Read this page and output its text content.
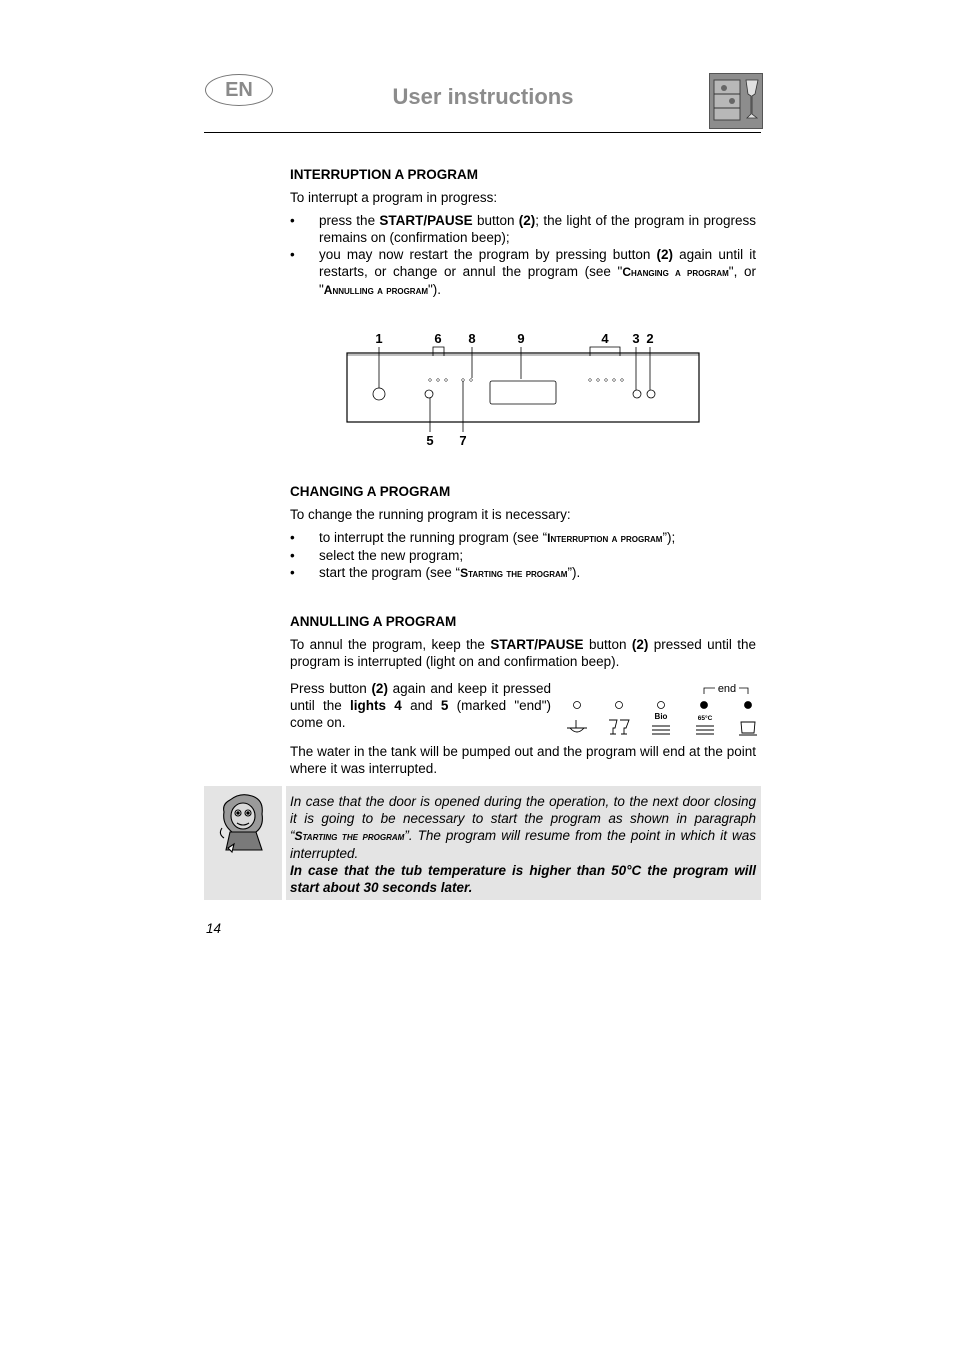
EN	User instructions
INTERRUPTION A PROGRAM
To interrupt a program in progress:
• press the START/PAUSE button (2); the light of the program in progress remains on (confirmation beep);
• you may now restart the program by pressing button (2) again until it restarts, or change or annul the program (see "Changing a program", or "Annulling a program").
1	6 8	9	4 3 2
5 7
CHANGING A PROGRAM
To change the running program it is necessary:
• to interrupt the running program (see “Interruption a program”);
• select the new program;
• start the program (see “Starting the program”).
ANNULLING A PROGRAM
To annul the program, keep the START/PAUSE button (2) pressed until the program is interrupted (light on and confirmation beep).
Press button (2) again and keep it pressed until the lights 4 and 5 (marked "end") come on.
end
Bio	65°C
The water in the tank will be pumped out and the program will end at the point where it was interrupted.
In case that the door is opened during the operation, to the next door closing it is going to be necessary to start the program as shown in paragraph “Starting the program”. The program will resume from the point in which it was interrupted.
In case that the tub temperature is higher than 50°C the program will start about 30 seconds later.
14
